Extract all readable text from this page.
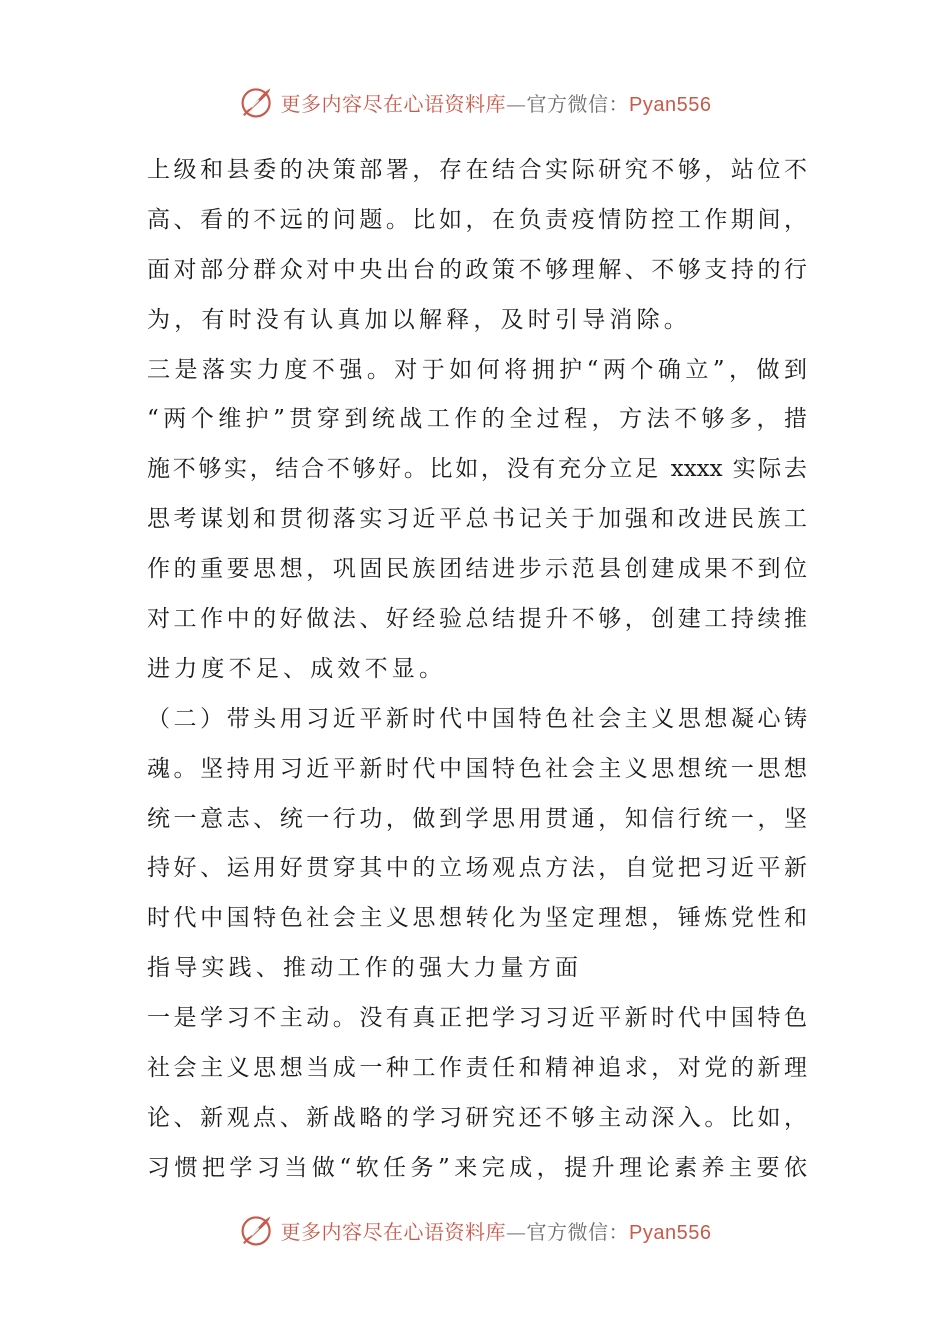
更多内容尽在心语资料库—官方微信：Pyan556
上级和县委的决策部署，存在结合实际研究不够，站位不
高、看的不远的问题。比如，在负责疫情防控工作期间，
面对部分群众对中央出台的政策不够理解、不够支持的行
为，有时没有认真加以解释，及时引导消除。
三是落实力度不强。对于如何将拥护“两个确立”，做到
“两个维护”贯穿到统战工作的全过程，方法不够多，措
施不够实，结合不够好。比如，没有充分立足 xxxx 实际去
思考谋划和贯彻落实习近平总书记关于加强和改进民族工
作的重要思想，巩固民族团结进步示范县创建成果不到位
对工作中的好做法、好经验总结提升不够，创建工持续推
进力度不足、成效不显。
（二）带头用习近平新时代中国特色社会主义思想凝心铸
魂。坚持用习近平新时代中国特色社会主义思想统一思想
统一意志、统一行功，做到学思用贯通，知信行统一，坚
持好、运用好贯穿其中的立场观点方法，自觉把习近平新
时代中国特色社会主义思想转化为坚定理想，锤炼党性和
指导实践、推动工作的强大力量方面
一是学习不主动。没有真正把学习习近平新时代中国特色
社会主义思想当成一种工作责任和精神追求，对党的新理
论、新观点、新战略的学习研究还不够主动深入。比如，
习惯把学习当做“软任务”来完成，提升理论素养主要依
更多内容尽在心语资料库—官方微信：Pyan556
